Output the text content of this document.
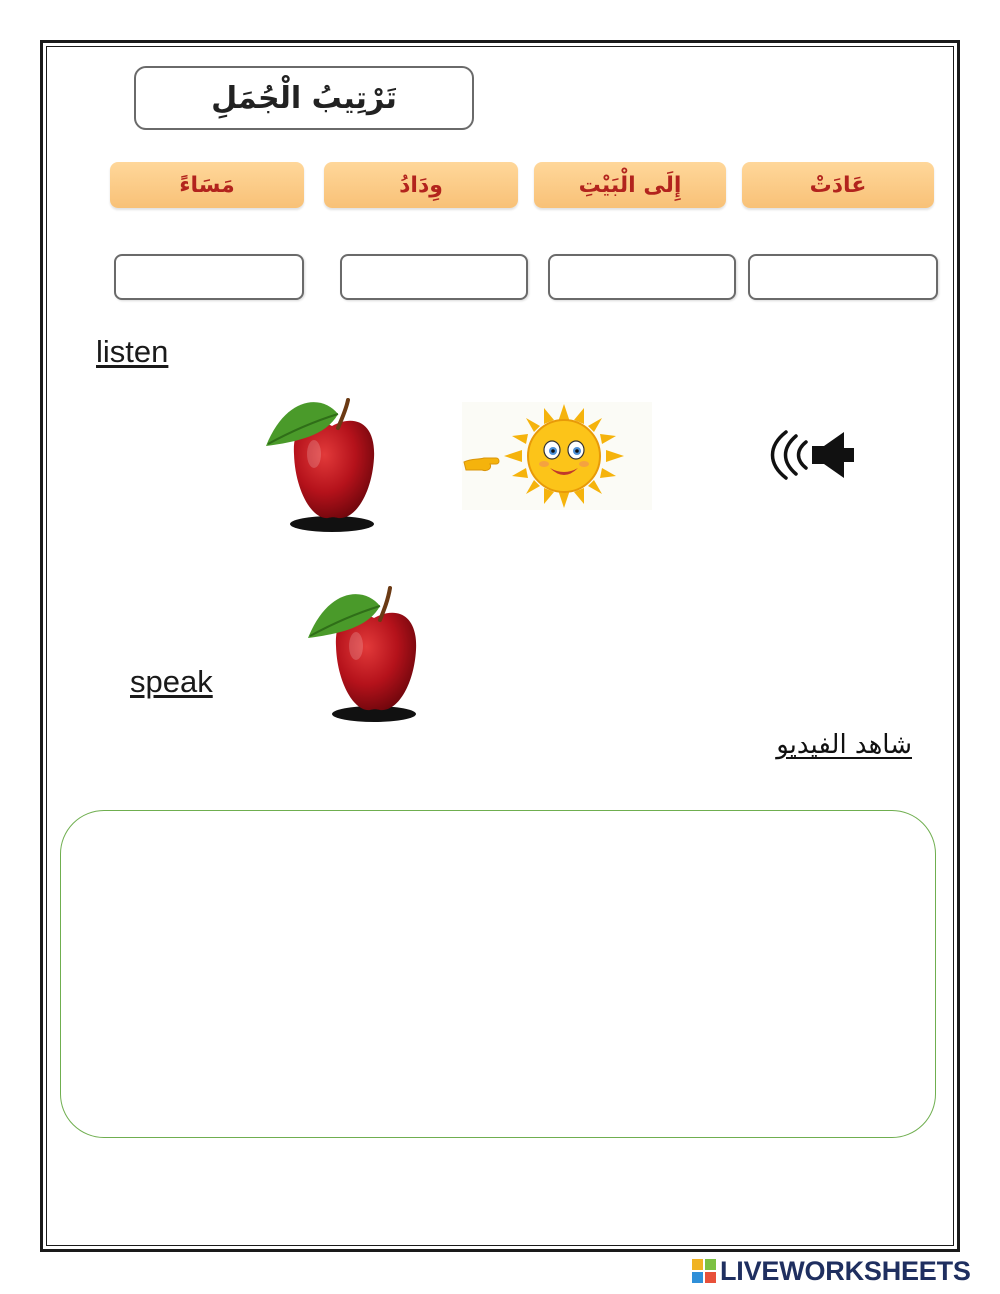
تَرْتِيبُ الْجُمَلِ
عَادَتْ
إِلَى الْبَيْتِ
وِدَادُ
مَسَاءً
listen
speak
شاهد الفيديو
LIVEWORKSHEETS
